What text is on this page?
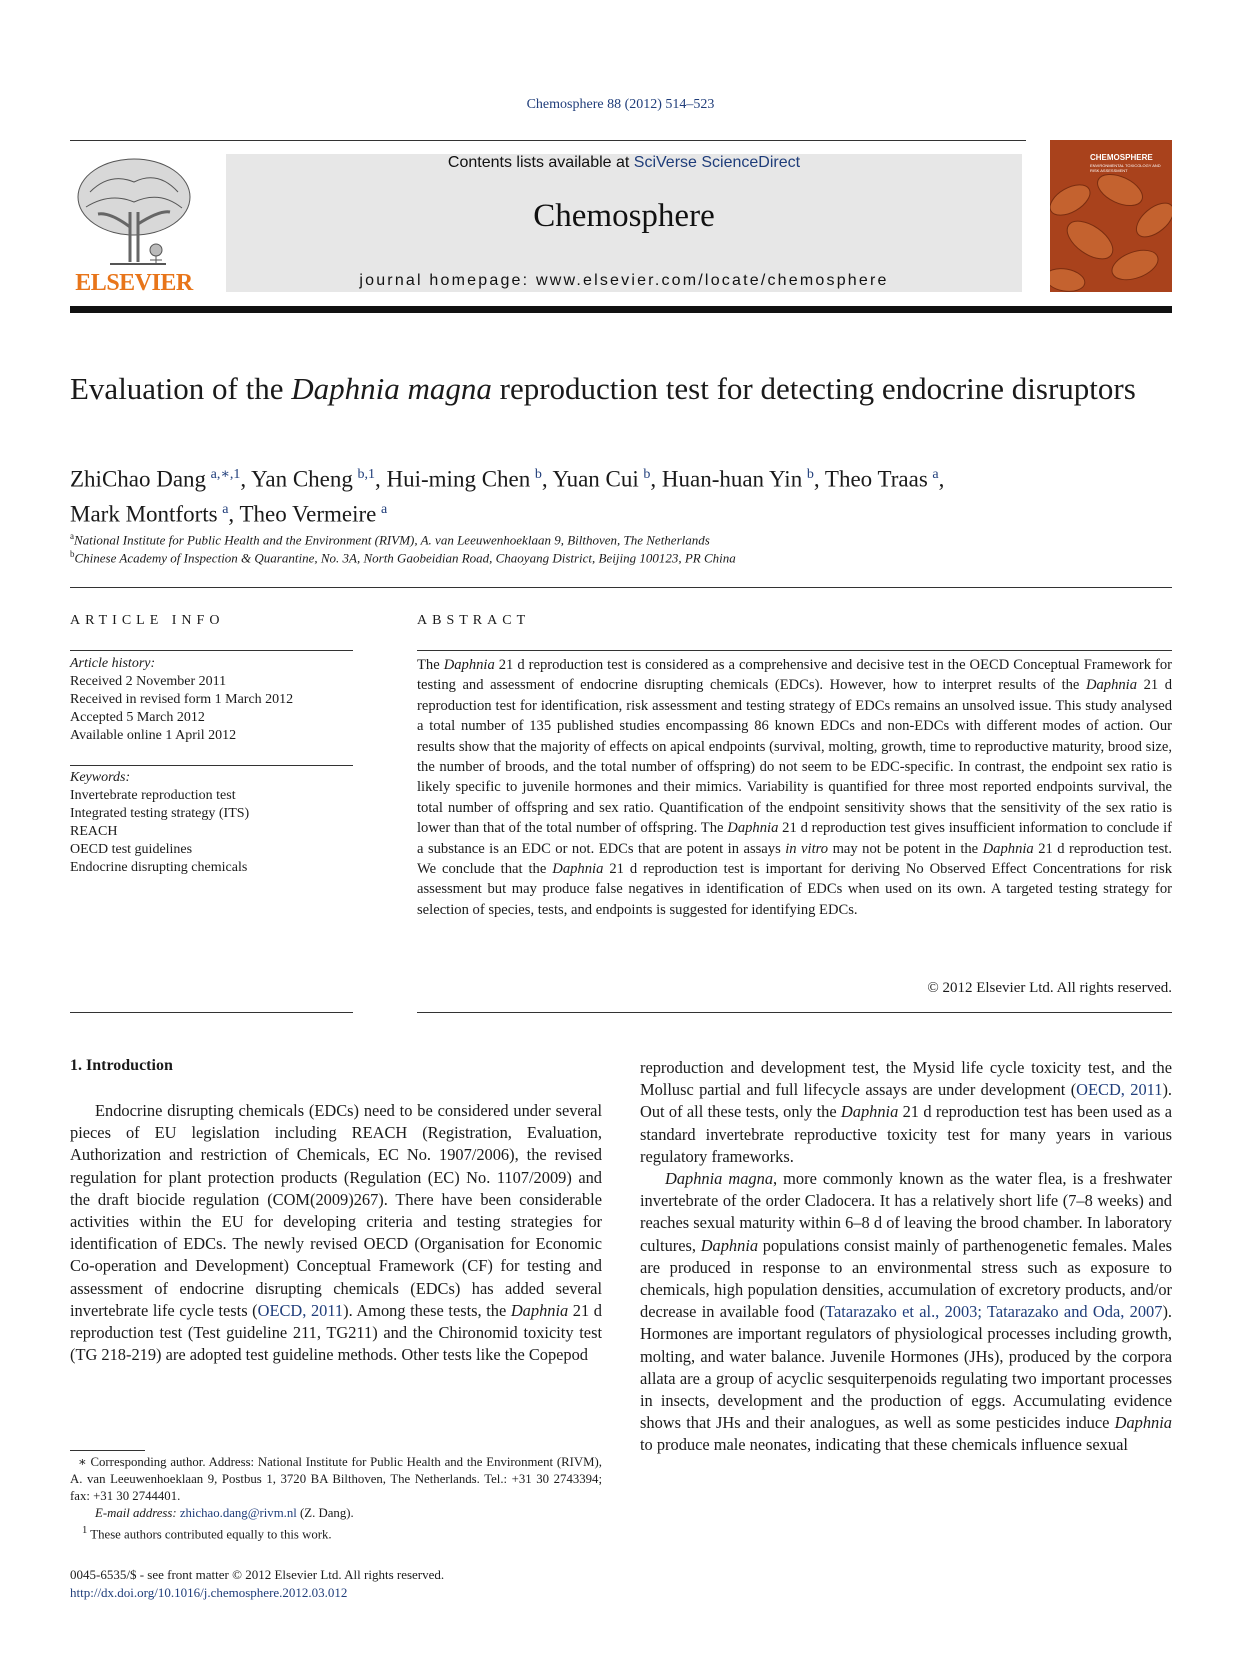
Chemosphere 88 (2012) 514–523
ELSEVIER
Contents lists available at SciVerse ScienceDirect
Chemosphere
journal homepage: www.elsevier.com/locate/chemosphere
CHEMOSPHERE
ENVIRONMENTAL TOXICOLOGY AND RISK ASSESSMENT
Evaluation of the Daphnia magna reproduction test for detecting endocrine disruptors
ZhiChao Dang  $^{a,∗,1}$, Yan Cheng  $^{b,1}$, Hui-ming Chen  $^b$, Yuan Cui  $^b$, Huan-huan Yin  $^b$, Theo Traas  $^a$,
Mark Montforts  $^a$, Theo Vermeire  $^a$
$^a$National Institute for Public Health and the Environment (RIVM), A. van Leeuwenhoeklaan 9, Bilthoven, The Netherlands
$^b$Chinese Academy of Inspection & Quarantine, No. 3A, North Gaobeidian Road, Chaoyang District, Beijing 100123, PR China
ARTICLE INFO	ABSTRACT
Article history:
Received 2 November 2011
Received in revised form 1 March 2012
Accepted 5 March 2012
Available online 1 April 2012
Keywords:
Invertebrate reproduction test
Integrated testing strategy (ITS)
REACH
OECD test guidelines
Endocrine disrupting chemicals
The Daphnia 21 d reproduction test is considered as a comprehensive and decisive test in the OECD Conceptual Framework for testing and assessment of endocrine disrupting chemicals (EDCs). However, how to interpret results of the Daphnia 21 d reproduction test for identification, risk assessment and testing strategy of EDCs remains an unsolved issue. This study analysed a total number of 135 published studies encompassing 86 known EDCs and non-EDCs with different modes of action. Our results show that the majority of effects on apical endpoints (survival, molting, growth, time to reproductive maturity, brood size, the number of broods, and the total number of offspring) do not seem to be EDC-specific. In contrast, the endpoint sex ratio is likely specific to juvenile hormones and their mimics. Variability is quantified for three most reported endpoints survival, the total number of offspring and sex ratio. Quantification of the endpoint sensitivity shows that the sensitivity of the sex ratio is lower than that of the total number of offspring. The Daphnia 21 d reproduction test gives insufficient information to conclude if a substance is an EDC or not. EDCs that are potent in assays in vitro may not be potent in the Daphnia 21 d reproduction test. We conclude that the Daphnia 21 d reproduction test is important for deriving No Observed Effect Concentrations for risk assessment but may produce false negatives in identification of EDCs when used on its own. A targeted testing strategy for selection of species, tests, and endpoints is suggested for identifying EDCs.
© 2012 Elsevier Ltd. All rights reserved.
1. Introduction

Endocrine disrupting chemicals (EDCs) need to be considered under several pieces of EU legislation including REACH (Registration, Evaluation, Authorization and restriction of Chemicals, EC No. 1907/2006), the revised regulation for plant protection products (Regulation (EC) No. 1107/2009) and the draft biocide regulation (COM(2009)267). There have been considerable activities within the EU for developing criteria and testing strategies for identification of EDCs. The newly revised OECD (Organisation for Economic Co-operation and Development) Conceptual Framework (CF) for testing and assessment of endocrine disrupting chemicals (EDCs) has added several invertebrate life cycle tests (OECD, 2011). Among these tests, the Daphnia 21 d reproduction test (Test guideline 211, TG211) and the Chironomid toxicity test (TG 218-219) are adopted test guideline methods. Other tests like the Copepod

reproduction and development test, the Mysid life cycle toxicity test, and the Mollusc partial and full lifecycle assays are under development (OECD, 2011). Out of all these tests, only the Daphnia 21 d reproduction test has been used as a standard invertebrate reproductive toxicity test for many years in various regulatory frameworks.

Daphnia magna, more commonly known as the water flea, is a freshwater invertebrate of the order Cladocera. It has a relatively short life (7–8 weeks) and reaches sexual maturity within 6–8 d of leaving the brood chamber. In laboratory cultures, Daphnia populations consist mainly of parthenogenetic females. Males are produced in response to an environmental stress such as exposure to chemicals, high population densities, accumulation of excretory products, and/or decrease in available food (Tatarazako et al., 2003; Tatarazako and Oda, 2007). Hormones are important regulators of physiological processes including growth, molting, and water balance. Juvenile Hormones (JHs), produced by the corpora allata are a group of acyclic sesquiterpenoids regulating two important processes in insects, development and the production of eggs. Accumulating evidence shows that JHs and their analogues, as well as some pesticides induce Daphnia to produce male neonates, indicating that these chemicals influence sexual

∗ Corresponding author. Address: National Institute for Public Health and the Environment (RIVM), A. van Leeuwenhoeklaan 9, Postbus 1, 3720 BA Bilthoven, The Netherlands. Tel.: +31 30 2743394; fax: +31 30 2744401.

E-mail address: zhichao.dang@rivm.nl (Z. Dang).

$^1$ These authors contributed equally to this work.

0045-6535/$ - see front matter © 2012 Elsevier Ltd. All rights reserved.
http://dx.doi.org/10.1016/j.chemosphere.2012.03.012
